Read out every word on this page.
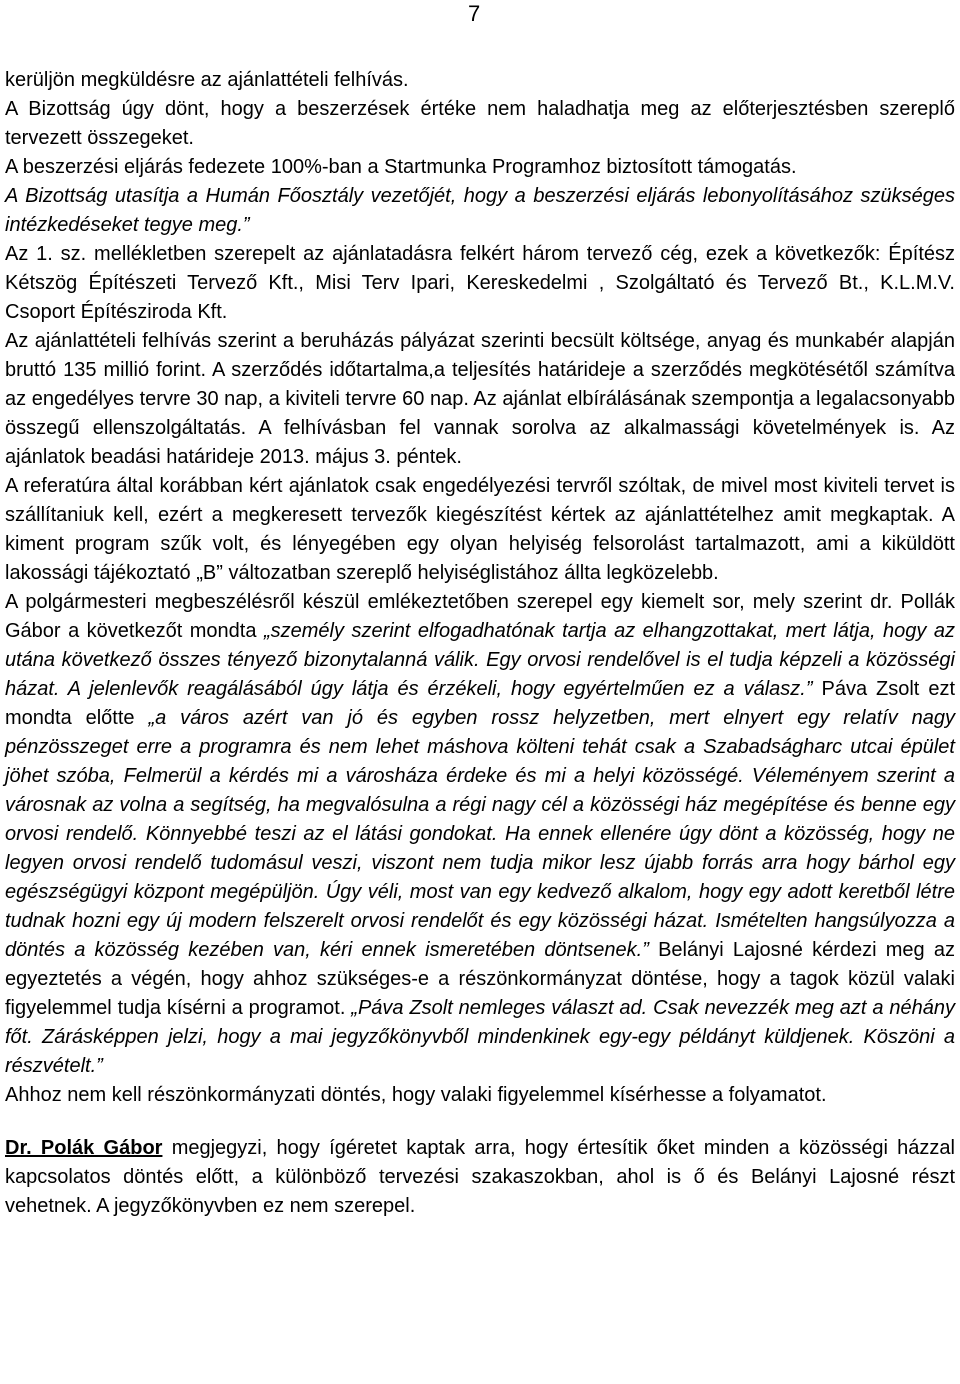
7

kerüljön megküldésre az ajánlattételi felhívás.

A Bizottság úgy dönt, hogy a beszerzések értéke nem haladhatja meg az előterjesztésben szereplő tervezett összegeket.

A beszerzési eljárás fedezete 100%-ban a Startmunka Programhoz biztosított támogatás.

A Bizottság utasítja a Humán Főosztály vezetőjét, hogy a beszerzési eljárás lebonyolításához szükséges intézkedéseket tegye meg.”

Az 1. sz. mellékletben szerepelt az ajánlatadásra felkért három tervező cég, ezek a következők: Építész Kétszög Építészeti Tervező Kft., Misi Terv Ipari, Kereskedelmi , Szolgáltató és Tervező Bt., K.L.M.V. Csoport Építésziroda Kft.

Az ajánlattételi felhívás szerint a beruházás pályázat szerinti becsült költsége, anyag és munkabér alapján bruttó 135 millió forint. A szerződés időtartalma,a teljesítés határideje a szerződés megkötésétől számítva az engedélyes tervre 30 nap, a kiviteli tervre 60 nap. Az ajánlat elbírálásának szempontja a legalacsonyabb összegű ellenszolgáltatás. A felhívásban fel vannak sorolva az alkalmassági követelmények is. Az ajánlatok beadási határideje 2013. május 3. péntek.

A referatúra által korábban kért ajánlatok csak engedélyezési tervről szóltak, de mivel most kiviteli tervet is szállítaniuk kell, ezért a megkeresett tervezők kiegészítést kértek az ajánlattételhez amit megkaptak. A kiment program szűk volt, és lényegében egy olyan helyiség felsorolást tartalmazott, ami a kiküldött lakossági tájékoztató „B” változatban szereplő helyiséglistához állta legközelebb.

A polgármesteri megbeszélésről készül emlékeztetőben szerepel egy kiemelt sor, mely szerint dr. Pollák Gábor a következőt mondta „személy szerint elfogadhatónak tartja az elhangzottakat, mert látja, hogy az utána következő összes tényező bizonytalanná válik. Egy orvosi rendelővel is el tudja képzeli a közösségi házat. A jelenlevők reagálásából úgy látja és érzékeli, hogy egyértelműen ez a válasz.” Páva Zsolt ezt mondta előtte „a város azért van jó és egyben rossz helyzetben, mert elnyert egy relatív nagy pénzösszeget erre a programra és nem lehet máshova költeni tehát csak a Szabadságharc utcai épület jöhet szóba, Felmerül a kérdés mi a városháza érdeke és mi a helyi közösségé. Véleményem szerint a városnak az volna a segítség, ha megvalósulna a régi nagy cél a közösségi ház megépítése és benne egy orvosi rendelő. Könnyebbé teszi az el látási gondokat. Ha ennek ellenére úgy dönt a közösség, hogy ne legyen orvosi rendelő tudomásul veszi, viszont nem tudja mikor lesz újabb forrás arra hogy bárhol egy egészségügyi központ megépüljön. Úgy véli, most van egy kedvező alkalom, hogy egy adott keretből létre tudnak hozni egy új modern felszerelt orvosi rendelőt és egy közösségi házat. Ismételten hangsúlyozza a döntés a közösség kezében van, kéri ennek ismeretében döntsenek.” Belányi Lajosné kérdezi meg az egyeztetés a végén, hogy ahhoz szükséges-e a részönkormányzat döntése, hogy a tagok közül valaki figyelemmel tudja kísérni a programot. „Páva Zsolt nemleges választ ad. Csak nevezzék meg azt a néhány főt. Zárásképpen jelzi, hogy a mai jegyzőkönyvből mindenkinek egy-egy példányt küldjenek. Köszöni a részvételt.”

Ahhoz nem kell részönkormányzati döntés, hogy valaki figyelemmel kísérhesse a folyamatot.

Dr. Polák Gábor megjegyzi, hogy ígéretet kaptak arra, hogy értesítik őket minden a közösségi házzal kapcsolatos döntés előtt, a különböző tervezési szakaszokban, ahol is ő és Belányi Lajosné részt vehetnek. A jegyzőkönyvben ez nem szerepel.
